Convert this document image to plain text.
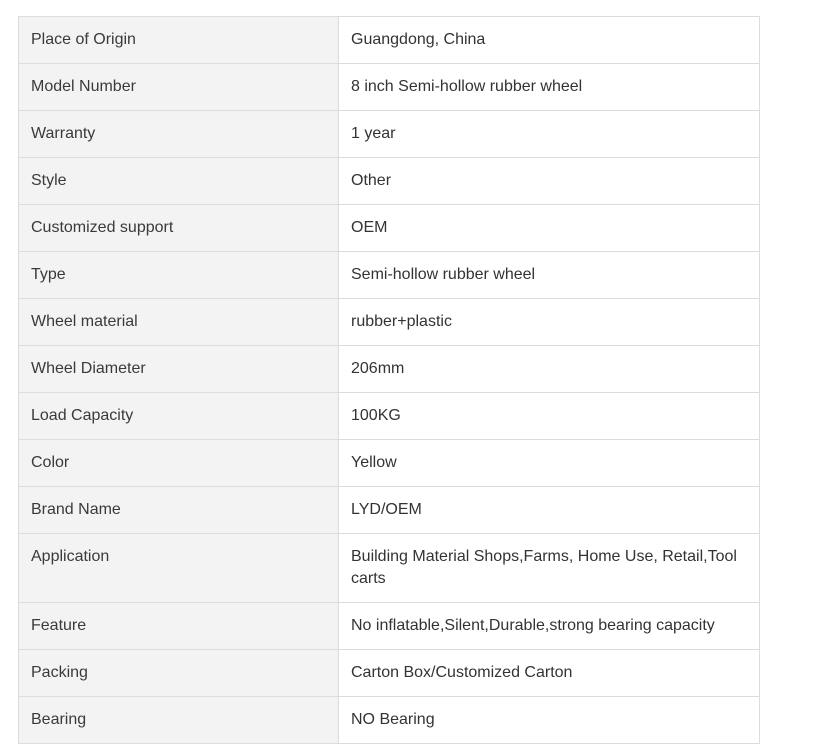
Place of Origin	Guangdong, China
Model Number	8 inch Semi-hollow rubber wheel
Warranty	1 year
Style	Other
Customized support	OEM
Type	Semi-hollow rubber wheel
Wheel material	rubber+plastic
Wheel Diameter	206mm
Load Capacity	100KG
Color	Yellow
Brand Name	LYD/OEM
Application	Building Material Shops,Farms, Home Use, Retail,Tool carts
Feature	No inflatable,Silent,Durable,strong bearing capacity
Packing	Carton Box/Customized Carton
Bearing	NO Bearing
